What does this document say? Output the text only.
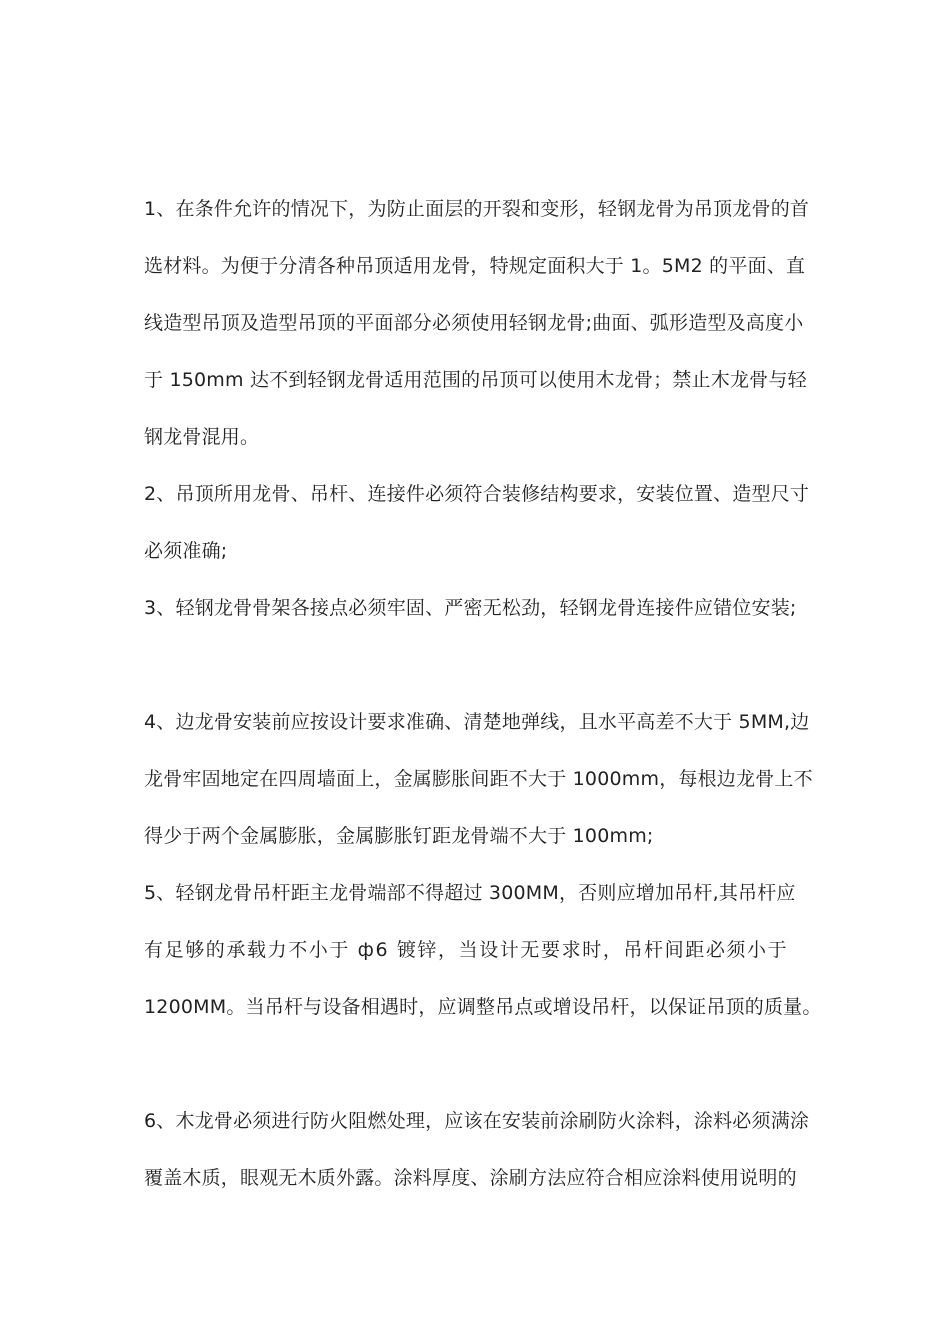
1、在条件允许的情况下，为防止面层的开裂和变形，轻钢龙骨为吊顶龙骨的首
选材料。为便于分清各种吊顶适用龙骨，特规定面积大于 1。5M2 的平面、直
线造型吊顶及造型吊顶的平面部分必须使用轻钢龙骨;曲面、弧形造型及高度小
于 150mm 达不到轻钢龙骨适用范围的吊顶可以使用木龙骨；禁止木龙骨与轻
钢龙骨混用。
2、吊顶所用龙骨、吊杆、连接件必须符合装修结构要求，安装位置、造型尺寸
必须准确;
3、轻钢龙骨骨架各接点必须牢固、严密无松劲，轻钢龙骨连接件应错位安装;
4、边龙骨安装前应按设计要求准确、清楚地弹线，且水平高差不大于 5MM,边
龙骨牢固地定在四周墙面上，金属膨胀间距不大于 1000mm，每根边龙骨上不
得少于两个金属膨胀，金属膨胀钉距龙骨端不大于 100mm;
5、轻钢龙骨吊杆距主龙骨端部不得超过 300MM，否则应增加吊杆,其吊杆应
有足够的承载力不小于 ф6 镀锌，当设计无要求时，吊杆间距必须小于
1200MM。当吊杆与设备相遇时，应调整吊点或增设吊杆，以保证吊顶的质量。
6、木龙骨必须进行防火阻燃处理，应该在安装前涂刷防火涂料，涂料必须满涂
覆盖木质，眼观无木质外露。涂料厚度、涂刷方法应符合相应涂料使用说明的
